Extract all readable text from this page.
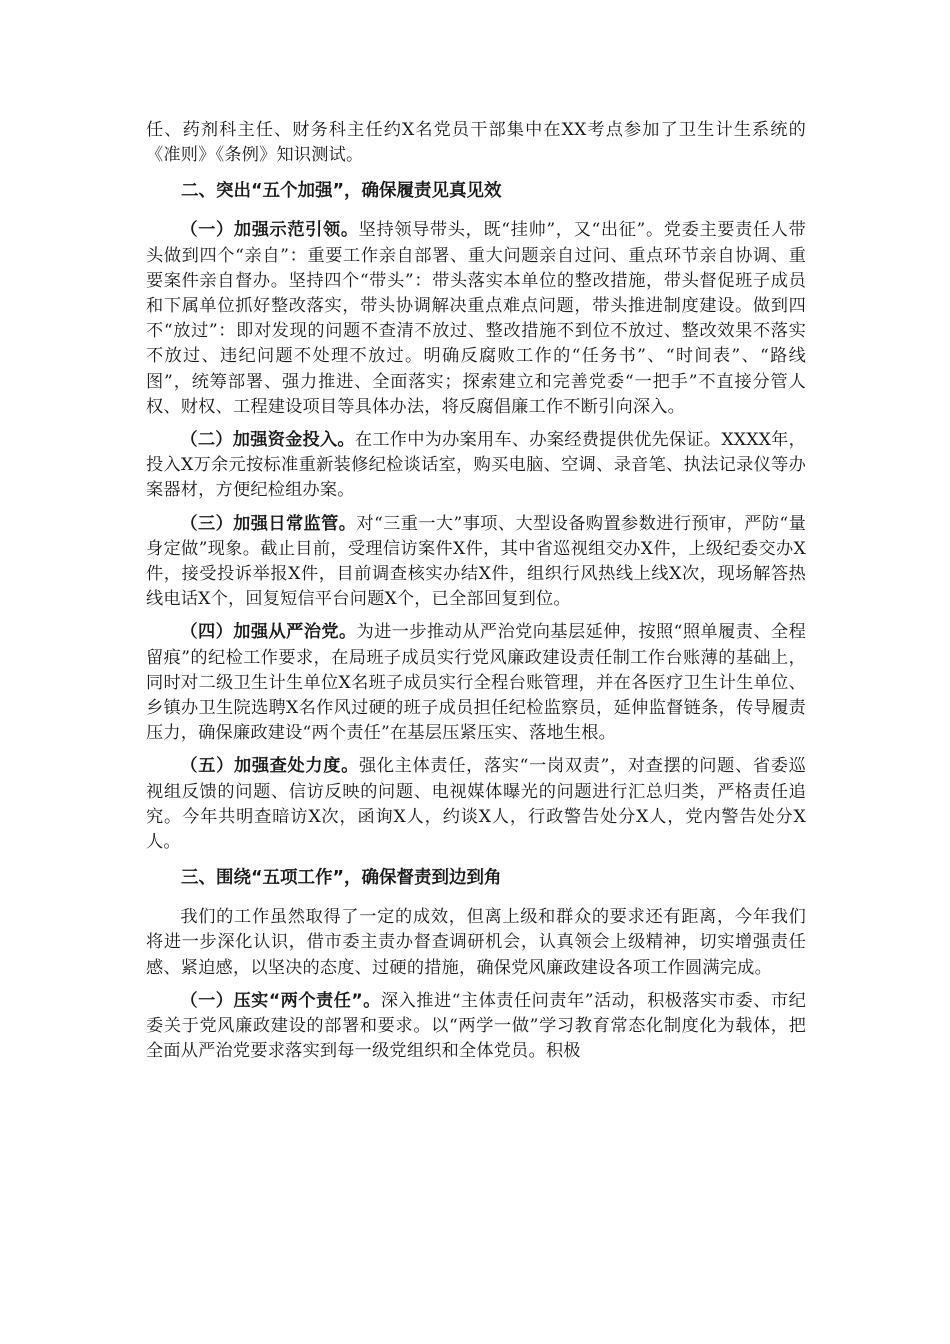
任、药剂科主任、财务科主任约X名党员干部集中在XX考点参加了卫生计生系统的《准则》《条例》知识测试。

二、突出“五个加强”，确保履责见真见效

（一）加强示范引领。坚持领导带头，既“挂帅”，又“出征”。党委主要责任人带头做到四个“亲自”：重要工作亲自部署、重大问题亲自过问、重点环节亲自协调、重要案件亲自督办。坚持四个“带头”：带头落实本单位的整改措施，带头督促班子成员和下属单位抓好整改落实，带头协调解决重点难点问题，带头推进制度建设。做到四不“放过”：即对发现的问题不查清不放过、整改措施不到位不放过、整改效果不落实不放过、违纪问题不处理不放过。明确反腐败工作的“任务书”、“时间表”、“路线图”，统筹部署、强力推进、全面落实；探索建立和完善党委“一把手”不直接分管人权、财权、工程建设项目等具体办法，将反腐倡廉工作不断引向深入。

（二）加强资金投入。在工作中为办案用车、办案经费提供优先保证。XXXX年，投入X万余元按标准重新装修纪检谈话室，购买电脑、空调、录音笔、执法记录仪等办案器材，方便纪检组办案。

（三）加强日常监管。对“三重一大”事项、大型设备购置参数进行预审，严防“量身定做”现象。截止目前，受理信访案件X件，其中省巡视组交办X件，上级纪委交办X件，接受投诉举报X件，目前调查核实办结X件，组织行风热线上线X次，现场解答热线电话X个，回复短信平台问题X个，已全部回复到位。

（四）加强从严治党。为进一步推动从严治党向基层延伸，按照“照单履责、全程留痕”的纪检工作要求，在局班子成员实行党风廉政建设责任制工作台账薄的基础上，同时对二级卫生计生单位X名班子成员实行全程台账管理，并在各医疗卫生计生单位、乡镇办卫生院选聘X名作风过硬的班子成员担任纪检监察员，延伸监督链条，传导履责压力，确保廉政建设“两个责任”在基层压紧压实、落地生根。

（五）加强查处力度。强化主体责任，落实“一岗双责”，对查摆的问题、省委巡视组反馈的问题、信访反映的问题、电视媒体曝光的问题进行汇总归类，严格责任追究。今年共明查暗访X次，函询X人，约谈X人，行政警告处分X人，党内警告处分X人。

三、围绕“五项工作”，确保督责到边到角

我们的工作虽然取得了一定的成效，但离上级和群众的要求还有距离，今年我们将进一步深化认识，借市委主责办督查调研机会，认真领会上级精神，切实增强责任感、紧迫感，以坚决的态度、过硬的措施，确保党风廉政建设各项工作圆满完成。

（一）压实“两个责任”。深入推进“主体责任问责年”活动，积极落实市委、市纪委关于党风廉政建设的部署和要求。以“两学一做”学习教育常态化制度化为载体，把全面从严治党要求落实到每一级党组织和全体党员。积极
